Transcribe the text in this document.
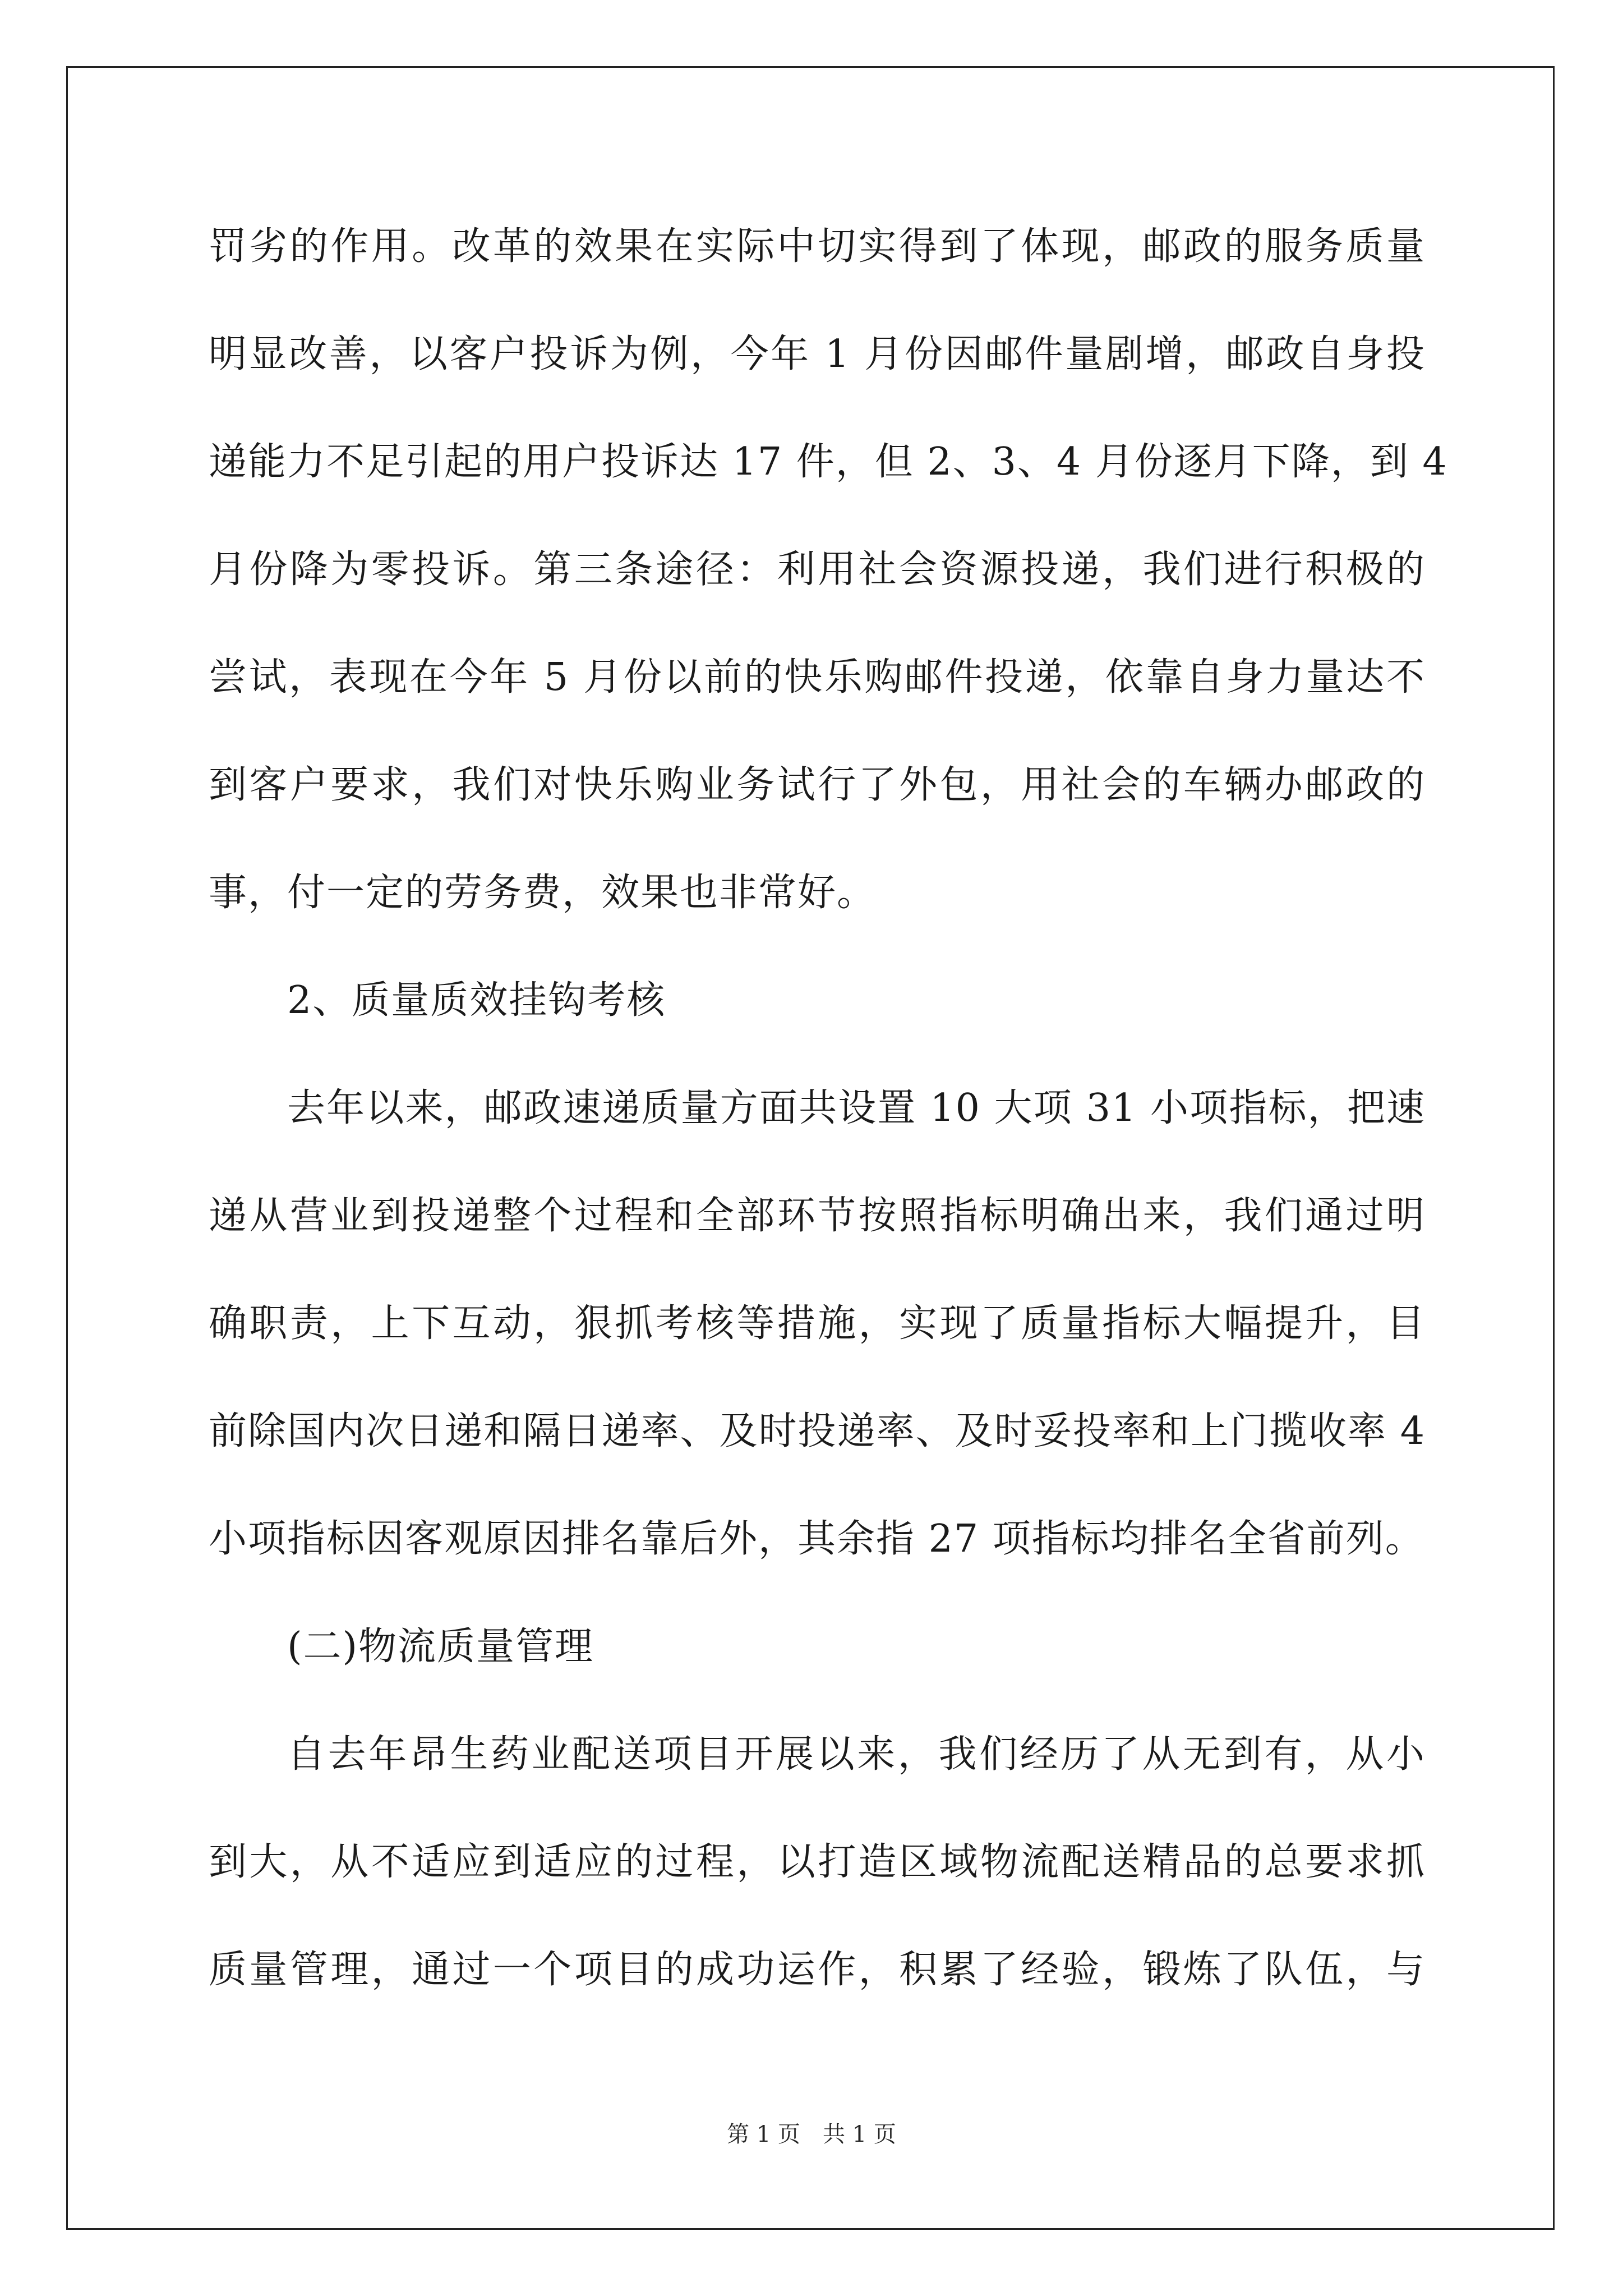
罚劣的作用。改革的效果在实际中切实得到了体现，邮政的服务质量
明显改善，以客户投诉为例，今年 1 月份因邮件量剧增，邮政自身投
递能力不足引起的用户投诉达 17 件，但 2、3、4 月份逐月下降，到 4
月份降为零投诉。第三条途径：利用社会资源投递，我们进行积极的
尝试，表现在今年 5 月份以前的快乐购邮件投递，依靠自身力量达不
到客户要求，我们对快乐购业务试行了外包，用社会的车辆办邮政的
事，付一定的劳务费，效果也非常好。
2、质量质效挂钩考核
去年以来，邮政速递质量方面共设置 10 大项 31 小项指标，把速
递从营业到投递整个过程和全部环节按照指标明确出来，我们通过明
确职责，上下互动，狠抓考核等措施，实现了质量指标大幅提升，目
前除国内次日递和隔日递率、及时投递率、及时妥投率和上门揽收率 4
小项指标因客观原因排名靠后外，其余指 27 项指标均排名全省前列。
(二)物流质量管理
自去年昂生药业配送项目开展以来，我们经历了从无到有，从小
到大，从不适应到适应的过程，以打造区域物流配送精品的总要求抓
质量管理，通过一个项目的成功运作，积累了经验，锻炼了队伍，与
第 1 页 共 1 页
